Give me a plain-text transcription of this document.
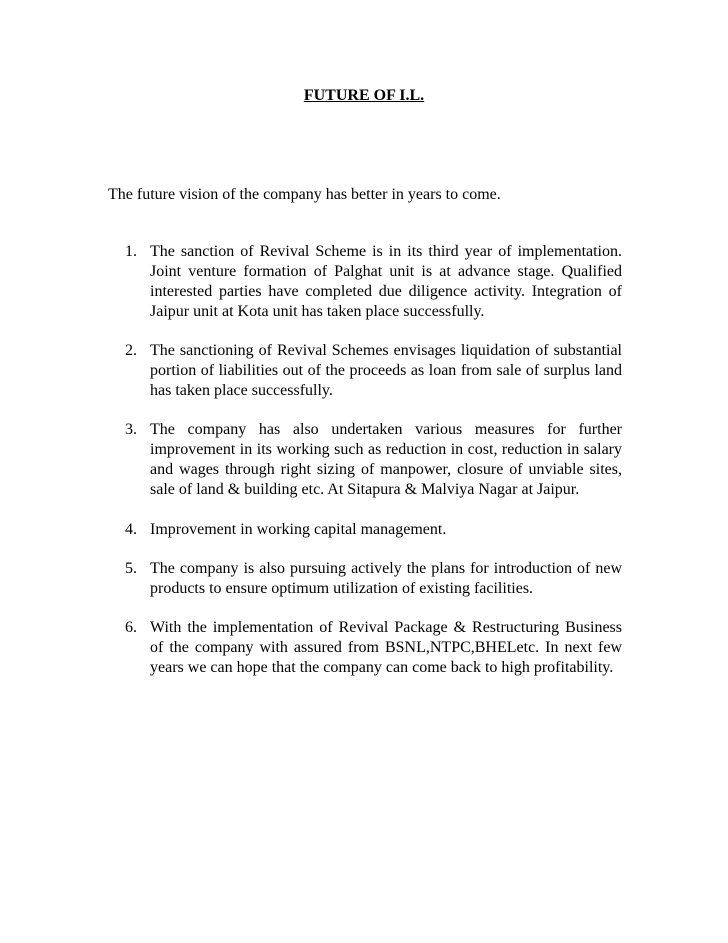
FUTURE OF I.L.
The future vision of the company has better in years to come.
1. The sanction of Revival Scheme is in its third year of implementation. Joint venture formation of Palghat unit is at advance stage. Qualified interested parties have completed due diligence activity. Integration of Jaipur unit at Kota unit has taken place successfully.
2. The sanctioning of Revival Schemes envisages liquidation of substantial portion of liabilities out of the proceeds as loan from sale of surplus land has taken place successfully.
3. The company has also undertaken various measures for further improvement in its working such as reduction in cost, reduction in salary and wages through right sizing of manpower, closure of unviable sites, sale of land & building etc. At Sitapura & Malviya Nagar at Jaipur.
4. Improvement in working capital management.
5. The company is also pursuing actively the plans for introduction of new products to ensure optimum utilization of existing facilities.
6. With the implementation of Revival Package & Restructuring Business of the company with assured from BSNL,NTPC,BHELetc. In next few years we can hope that the company can come back to high profitability.
